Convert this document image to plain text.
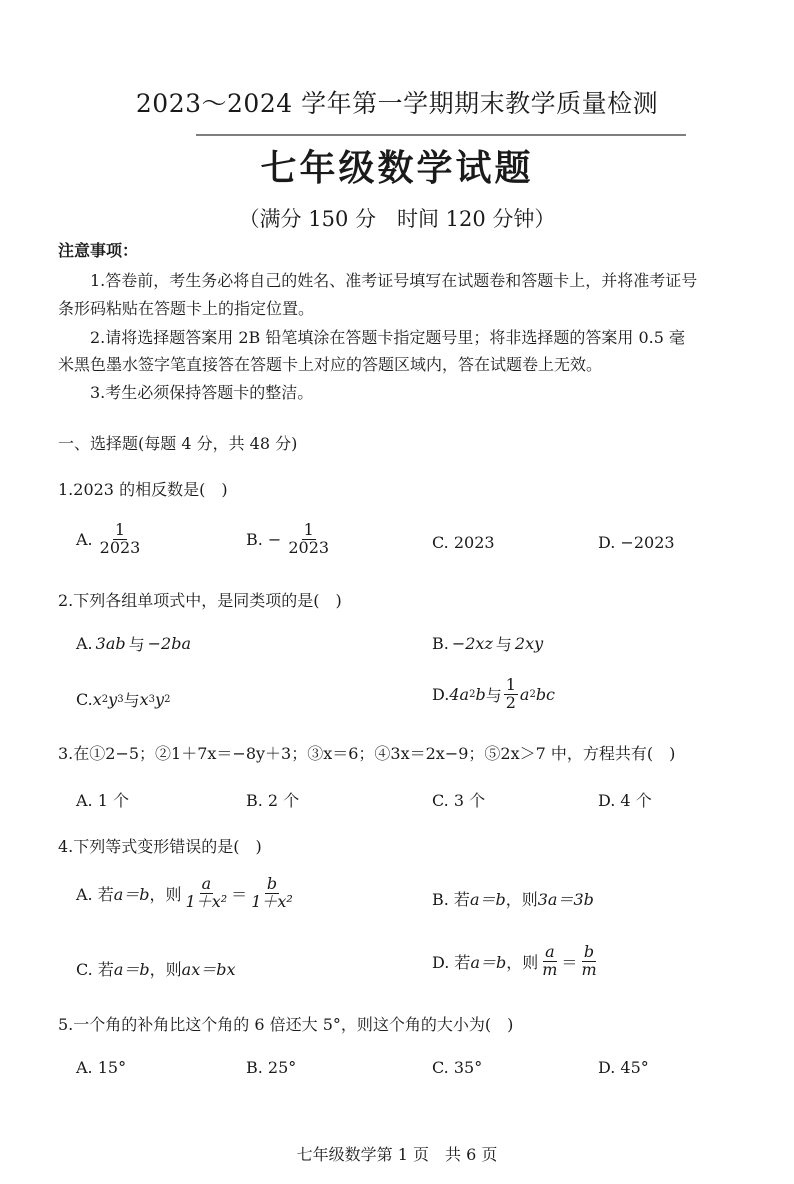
2023～2024 学年第一学期期末教学质量检测
七年级数学试题
（满分 150 分　时间 120 分钟）
注意事项：
1.答卷前，考生务必将自己的姓名、准考证号填写在试题卷和答题卡上，并将准考证号
条形码粘贴在答题卡上的指定位置。
2.请将选择题答案用 2B 铅笔填涂在答题卡指定题号里；将非选择题的答案用 0.5 毫
米黑色墨水签字笔直接答在答题卡上对应的答题区域内，答在试题卷上无效。
3.考生必须保持答题卡的整洁。
一、选择题(每题 4 分，共 48 分)
1.2023 的相反数是(　)
A. $\frac{1}{2023}$	B. − $\frac{1}{2023}$	C. 2023	D. −2023
2.下列各组单项式中，是同类项的是(　)
A. 3ab 与 −2ba	B. −2xz 与 2xy
C. x 2 y 3 与 x 3 y 2	D. 4a 2 b 与 $\frac{1}{2}$ a 2 bc
3.在①2−5；②1＋7x＝−8y＋3；③x＝6；④3x＝2x−9；⑤2x＞7 中，方程共有(　)
A. 1 个	B. 2 个	C. 3 个	D. 4 个
4.下列等式变形错误的是(　)
A. 若 a＝b ，则 $\frac{a}{\text{1＋x²}} = \frac{b}{\text{1＋x²}}$	B. 若 a＝b ，则 3a＝3b
C. 若 a＝b ，则 ax＝bx	D. 若 a＝b ，则 $\frac{a}{m} = \frac{b}{m}$
5.一个角的补角比这个角的 6 倍还大 5°，则这个角的大小为(　)
A. 15°	B. 25°	C. 35°	D. 45°
七年级数学第 1 页　共 6 页
